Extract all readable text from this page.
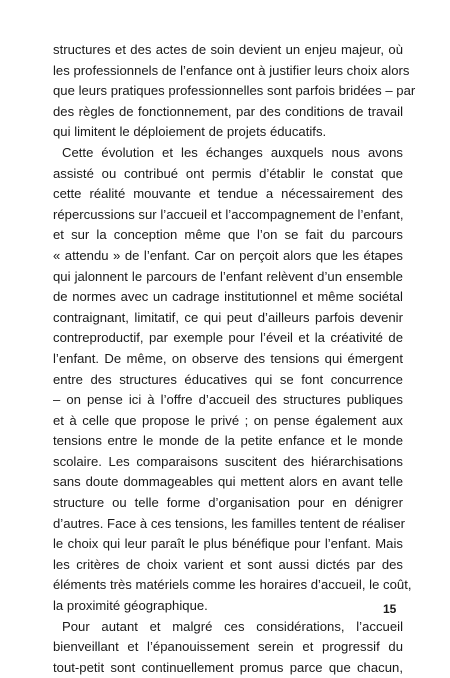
structures et des actes de soin devient un enjeu majeur, où
les professionnels de l’enfance ont à justifier leurs choix alors
que leurs pratiques professionnelles sont parfois bridées – par
des règles de fonctionnement, par des conditions de travail
qui limitent le déploiement de projets éducatifs.
Cette évolution et les échanges auxquels nous avons
assisté ou contribué ont permis d’établir le constat que
cette réalité mouvante et tendue a nécessairement des
répercussions sur l’accueil et l’accompagnement de l’enfant,
et sur la conception même que l’on se fait du parcours
« attendu » de l’enfant. Car on perçoit alors que les étapes
qui jalonnent le parcours de l’enfant relèvent d’un ensemble
de normes avec un cadrage institutionnel et même sociétal
contraignant, limitatif, ce qui peut d’ailleurs parfois devenir
contreproductif, par exemple pour l’éveil et la créativité de
l’enfant. De même, on observe des tensions qui émergent
entre des structures éducatives qui se font concurrence
– on pense ici à l’offre d’accueil des structures publiques
et à celle que propose le privé ; on pense également aux
tensions entre le monde de la petite enfance et le monde
scolaire. Les comparaisons suscitent des hiérarchisations
sans doute dommageables qui mettent alors en avant telle
structure ou telle forme d’organisation pour en dénigrer
d’autres. Face à ces tensions, les familles tentent de réaliser
le choix qui leur paraît le plus bénéfique pour l’enfant. Mais
les critères de choix varient et sont aussi dictés par des
éléments très matériels comme les horaires d’accueil, le coût,
la proximité géographique.
Pour autant et malgré ces considérations, l’accueil
bienveillant et l’épanouissement serein et progressif du
tout-petit sont continuellement promus parce que chacun,
15
